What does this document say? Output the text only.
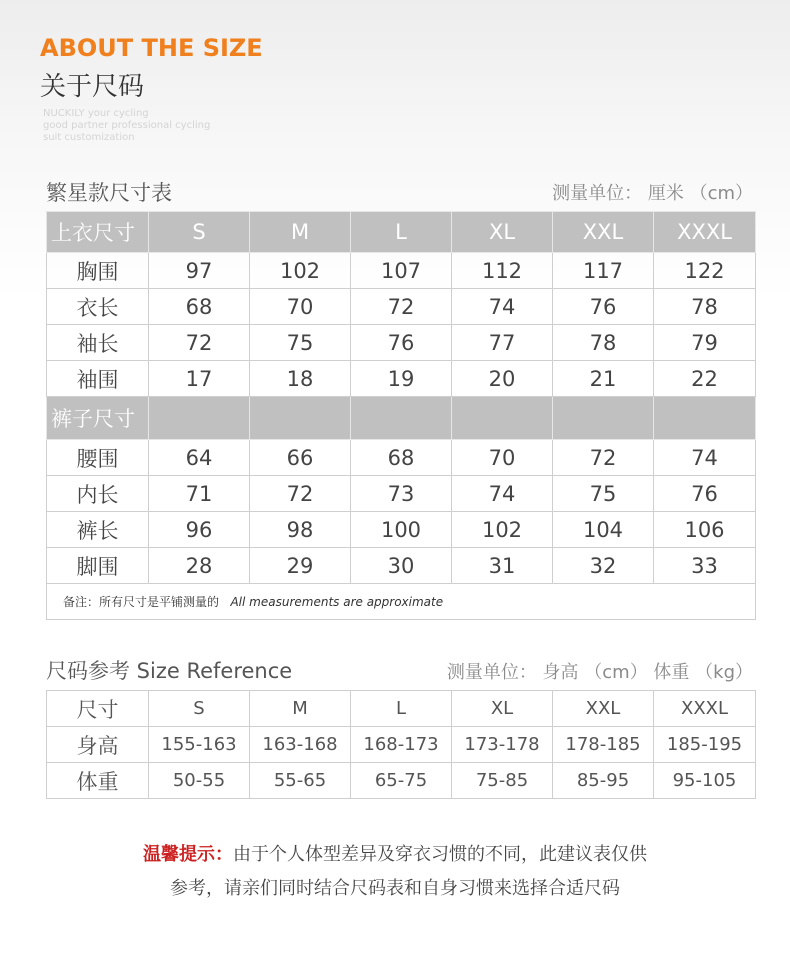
ABOUT THE SIZE
关于尺码
NUCKILY your cycling
good partner professional cycling
suit customization
繁星款尺寸表	测量单位： 厘米 （cm）
上衣尺寸	S	M	L	XL	XXL	XXXL
胸围	97	102	107	112	117	122
衣长	68	70	72	74	76	78
袖长	72	75	76	77	78	79
袖围	17	18	19	20	21	22
裤子尺寸						
腰围	64	66	68	70	72	74
内长	71	72	73	74	75	76
裤长	96	98	100	102	104	106
脚围	28	29	30	31	32	33
备注：所有尺寸是平铺测量的 All measurements are approximate						
尺码参考 Size Reference	测量单位： 身高 （cm） 体重 （kg）
尺寸	S	M	L	XL	XXL	XXXL
身高	155-163	163-168	168-173	173-178	178-185	185-195
体重	50-55	55-65	65-75	75-85	85-95	95-105
温馨提示：由于个人体型差异及穿衣习惯的不同，此建议表仅供
参考，请亲们同时结合尺码表和自身习惯来选择合适尺码
